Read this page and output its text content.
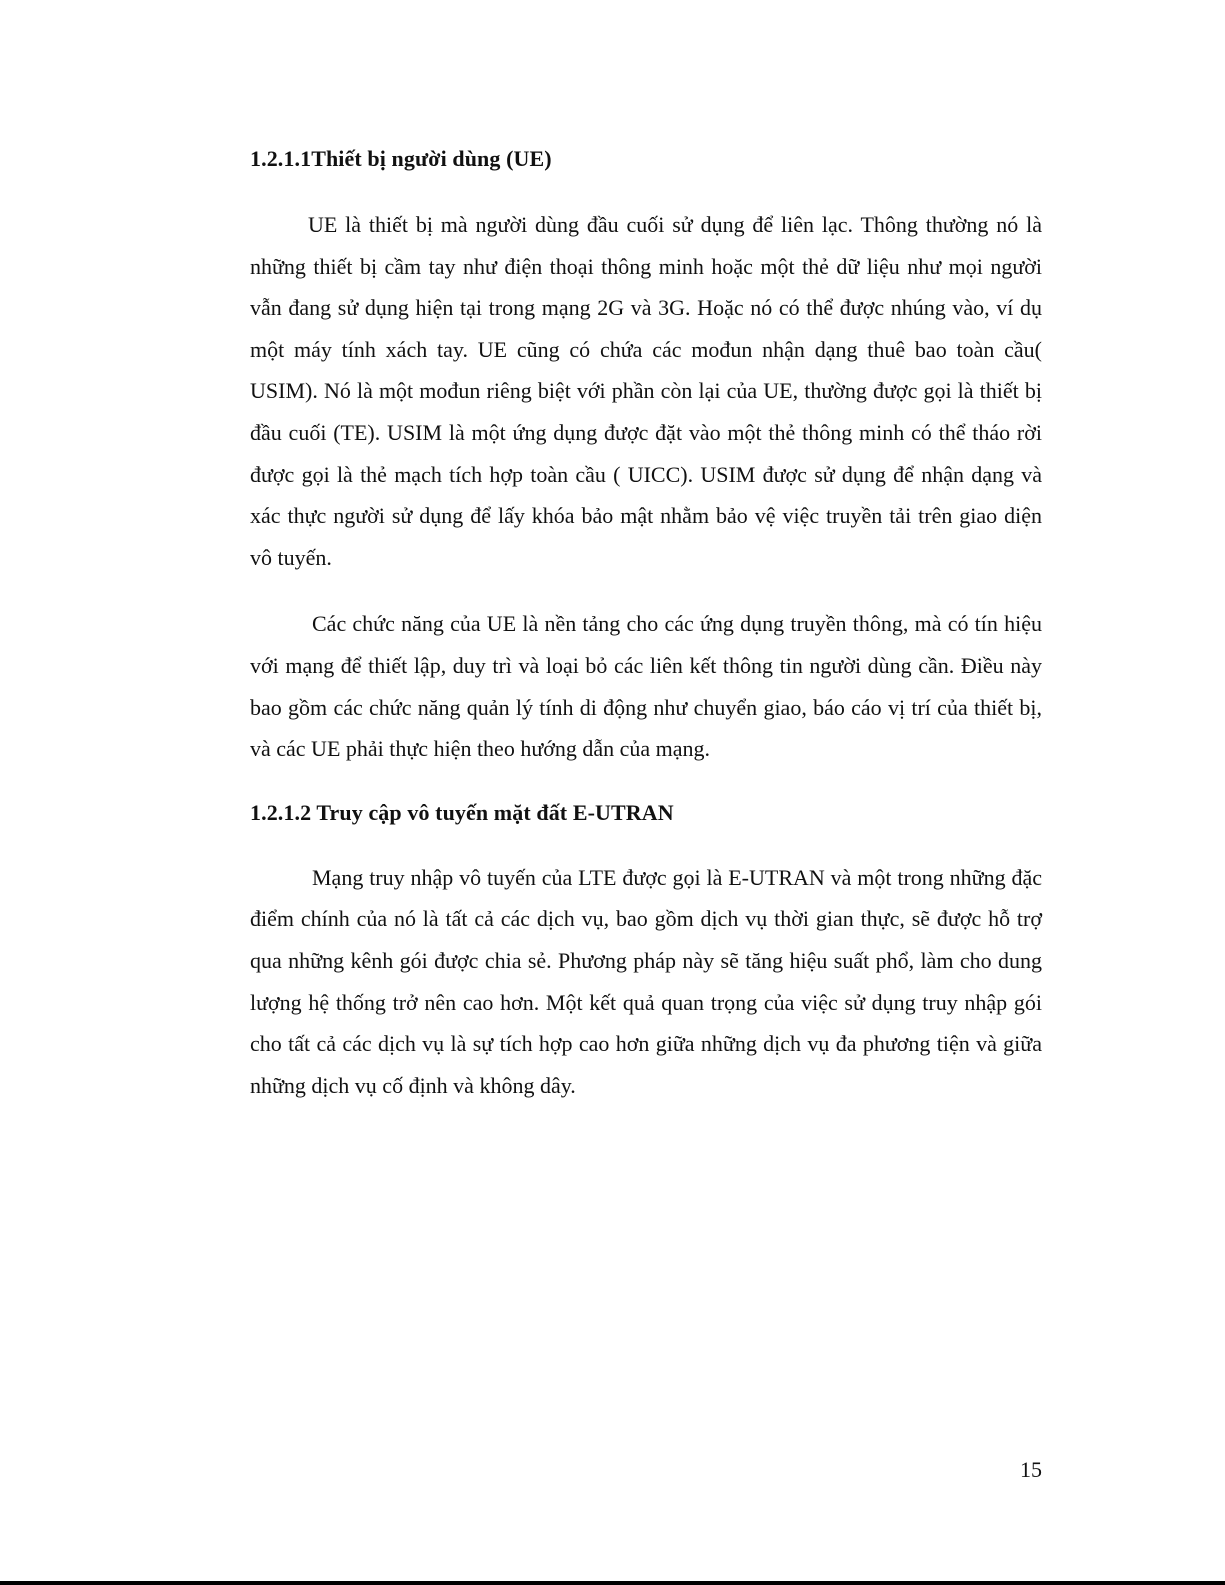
1.2.1.1Thiết bị người dùng (UE)

UE là thiết bị mà người dùng đầu cuối sử dụng để liên lạc. Thông thường nó là những thiết bị cầm tay như điện thoại thông minh hoặc một thẻ dữ liệu như mọi người vẫn đang sử dụng hiện tại trong mạng 2G và 3G. Hoặc nó có thể được nhúng vào, ví dụ một máy tính xách tay. UE cũng có chứa các mođun nhận dạng thuê bao toàn cầu( USIM). Nó là một mođun riêng biệt với phần còn lại của UE, thường được gọi là thiết bị đầu cuối (TE). USIM là một ứng dụng được đặt vào một thẻ thông minh có thể tháo rời được gọi là thẻ mạch tích hợp toàn cầu ( UICC). USIM được sử dụng để nhận dạng và xác thực người sử dụng để lấy khóa bảo mật nhằm bảo vệ việc truyền tải trên giao diện vô tuyến.

Các chức năng của UE là nền tảng cho các ứng dụng truyền thông, mà có tín hiệu với mạng để thiết lập, duy trì và loại bỏ các liên kết thông tin người dùng cần. Điều này bao gồm các chức năng quản lý tính di động như chuyển giao, báo cáo vị trí của thiết bị, và các UE phải thực hiện theo hướng dẫn của mạng.

1.2.1.2 Truy cập vô tuyến mặt đất E-UTRAN

Mạng truy nhập vô tuyến của LTE được gọi là E-UTRAN và một trong những đặc điểm chính của nó là tất cả các dịch vụ, bao gồm dịch vụ thời gian thực, sẽ được hỗ trợ qua những kênh gói được chia sẻ. Phương pháp này sẽ tăng hiệu suất phổ, làm cho dung lượng hệ thống trở nên cao hơn. Một kết quả quan trọng của việc sử dụng truy nhập gói cho tất cả các dịch vụ là sự tích hợp cao hơn giữa những dịch vụ đa phương tiện và giữa những dịch vụ cố định và không dây.

15
